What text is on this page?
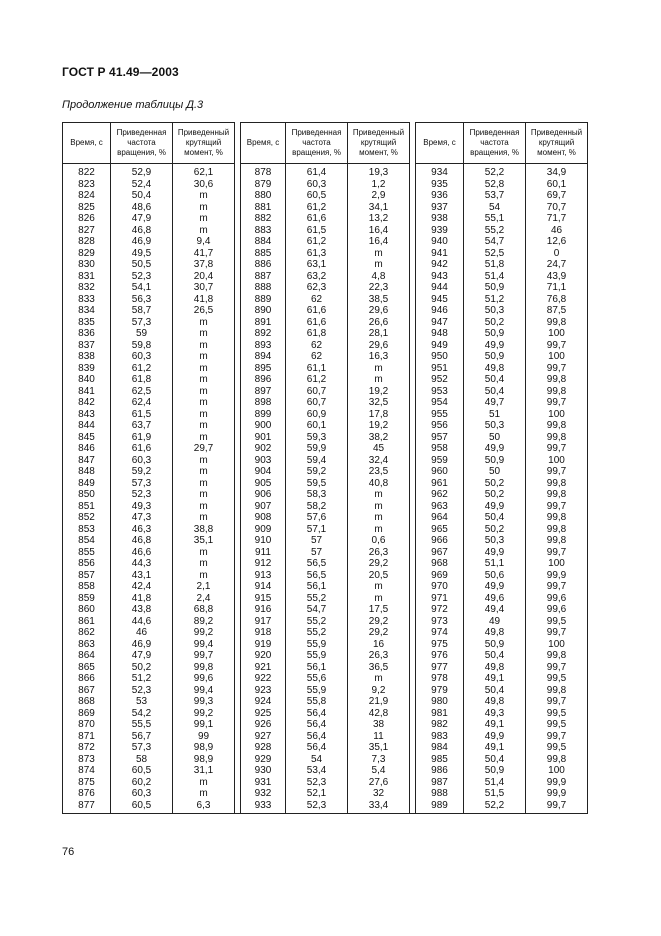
ГОСТ Р 41.49—2003
Продолжение таблицы Д.3
Время, с	Приведенная частота вращения, %	Приведенный крутящий момент, %		Время, с	Приведенная частота вращения, %	Приведенный крутящий момент, %		Время, с	Приведенная частота вращения, %	Приведенный крутящий момент, %
822	52,9	62,1		878	61,4	19,3		934	52,2	34,9
823	52,4	30,6		879	60,3	1,2		935	52,8	60,1
824	50,4	m		880	60,5	2,9		936	53,7	69,7
825	48,6	m		881	61,2	34,1		937	54	70,7
826	47,9	m		882	61,6	13,2		938	55,1	71,7
827	46,8	m		883	61,5	16,4		939	55,2	46
828	46,9	9,4		884	61,2	16,4		940	54,7	12,6
829	49,5	41,7		885	61,3	m		941	52,5	0
830	50,5	37,8		886	63,1	m		942	51,8	24,7
831	52,3	20,4		887	63,2	4,8		943	51,4	43,9
832	54,1	30,7		888	62,3	22,3		944	50,9	71,1
833	56,3	41,8		889	62	38,5		945	51,2	76,8
834	58,7	26,5		890	61,6	29,6		946	50,3	87,5
835	57,3	m		891	61,6	26,6		947	50,2	99,8
836	59	m		892	61,8	28,1		948	50,9	100
837	59,8	m		893	62	29,6		949	49,9	99,7
838	60,3	m		894	62	16,3		950	50,9	100
839	61,2	m		895	61,1	m		951	49,8	99,7
840	61,8	m		896	61,2	m		952	50,4	99,8
841	62,5	m		897	60,7	19,2		953	50,4	99,8
842	62,4	m		898	60,7	32,5		954	49,7	99,7
843	61,5	m		899	60,9	17,8		955	51	100
844	63,7	m		900	60,1	19,2		956	50,3	99,8
845	61,9	m		901	59,3	38,2		957	50	99,8
846	61,6	29,7		902	59,9	45		958	49,9	99,7
847	60,3	m		903	59,4	32,4		959	50,9	100
848	59,2	m		904	59,2	23,5		960	50	99,7
849	57,3	m		905	59,5	40,8		961	50,2	99,8
850	52,3	m		906	58,3	m		962	50,2	99,8
851	49,3	m		907	58,2	m		963	49,9	99,7
852	47,3	m		908	57,6	m		964	50,4	99,8
853	46,3	38,8		909	57,1	m		965	50,2	99,8
854	46,8	35,1		910	57	0,6		966	50,3	99,8
855	46,6	m		911	57	26,3		967	49,9	99,7
856	44,3	m		912	56,5	29,2		968	51,1	100
857	43,1	m		913	56,5	20,5		969	50,6	99,9
858	42,4	2,1		914	56,1	m		970	49,9	99,7
859	41,8	2,4		915	55,2	m		971	49,6	99,6
860	43,8	68,8		916	54,7	17,5		972	49,4	99,6
861	44,6	89,2		917	55,2	29,2		973	49	99,5
862	46	99,2		918	55,2	29,2		974	49,8	99,7
863	46,9	99,4		919	55,9	16		975	50,9	100
864	47,9	99,7		920	55,9	26,3		976	50,4	99,8
865	50,2	99,8		921	56,1	36,5		977	49,8	99,7
866	51,2	99,6		922	55,6	m		978	49,1	99,5
867	52,3	99,4		923	55,9	9,2		979	50,4	99,8
868	53	99,3		924	55,8	21,9		980	49,8	99,7
869	54,2	99,2		925	56,4	42,8		981	49,3	99,5
870	55,5	99,1		926	56,4	38		982	49,1	99,5
871	56,7	99		927	56,4	11		983	49,9	99,7
872	57,3	98,9		928	56,4	35,1		984	49,1	99,5
873	58	98,9		929	54	7,3		985	50,4	99,8
874	60,5	31,1		930	53,4	5,4		986	50,9	100
875	60,2	m		931	52,3	27,6		987	51,4	99,9
876	60,3	m		932	52,1	32		988	51,5	99,9
877	60,5	6,3		933	52,3	33,4		989	52,2	99,7
76
